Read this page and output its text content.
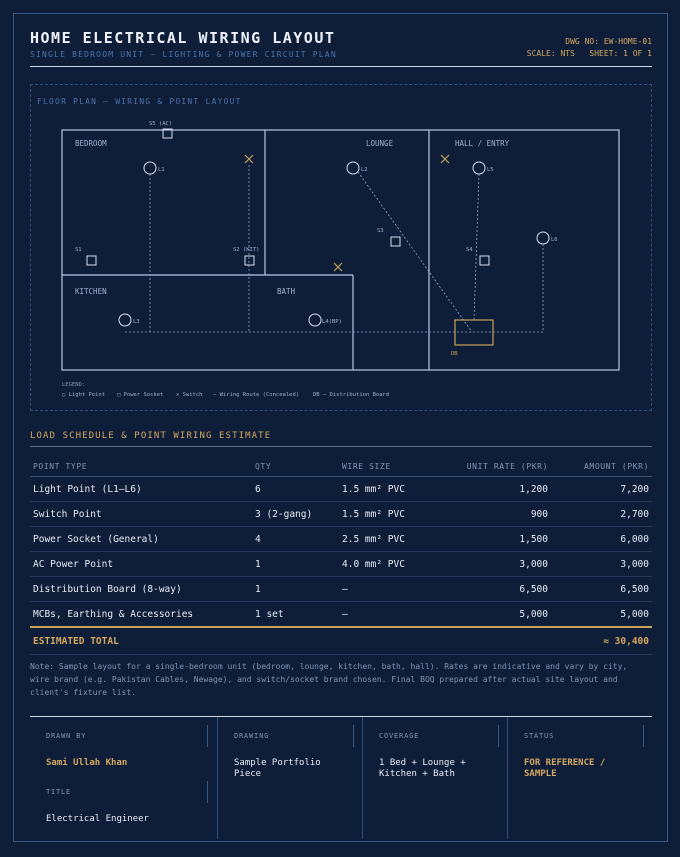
HOME ELECTRICAL WIRING LAYOUT
SINGLE BEDROOM UNIT — LIGHTING & POWER CIRCUIT PLAN
DWG NO: EW-HOME-01
SCALE: NTS   SHEET: 1 OF 1
FLOOR PLAN — WIRING & POINT LAYOUT
BEDROOM	LOUNGE	HALL / ENTRY
KITCHEN	BATH
S5 (AC)
L1	L2
L3	L4(BP)
L5
L6
S1	S2 (KIT)
S3
S4
DB
LEGEND:
○ Light Point □ Power Socket ✕ Switch — Wiring Route (Concealed)	DB — Distribution Board
LOAD SCHEDULE & POINT WIRING ESTIMATE
POINT TYPE	QTY	WIRE SIZE	UNIT RATE (PKR)	AMOUNT (PKR)
Light Point (L1–L6)	6	1.5 mm² PVC	1,200	7,200
Switch Point	3 (2-gang)	1.5 mm² PVC	900	2,700
Power Socket (General)	4	2.5 mm² PVC	1,500	6,000
AC Power Point	1	4.0 mm² PVC	3,000	3,000
Distribution Board (8-way)	1	—	6,500	6,500
MCBs, Earthing & Accessories	1 set	—	5,000	5,000
ESTIMATED TOTAL				≈ 30,400
Note: Sample layout for a single-bedroom unit (bedroom, lounge, kitchen, bath, hall). Rates are indicative and vary by city, wire brand (e.g. Pakistan Cables, Newage), and switch/socket brand chosen. Final BOQ prepared after actual site layout and client's fixture list.
DRAWN BY
Sami Ullah Khan
TITLE
Electrical Engineer
DRAWING
Sample Portfolio Piece
COVERAGE
1 Bed + Lounge + Kitchen + Bath
STATUS
FOR REFERENCE / SAMPLE
